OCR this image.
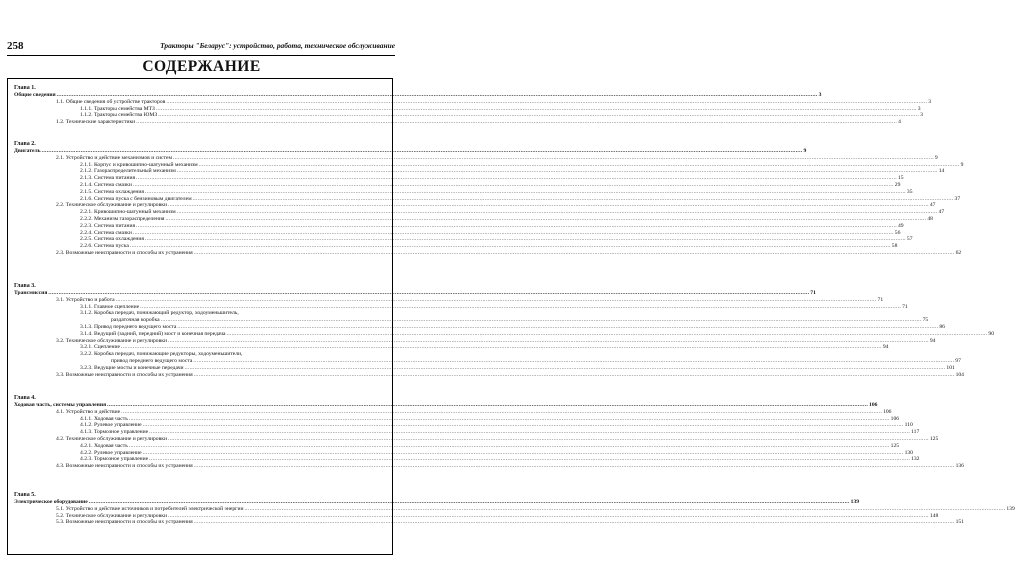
258	Тракторы "Беларус": устройство, работа, техническое обслуживание
СОДЕРЖАНИЕ
Глава 1.
Общие сведения .....	3
1.1. Общие сведения об устройстве тракторов .....	3
1.1.1. Тракторы семейства МТЗ .....	3
1.1.2. Тракторы семейства ЮМЗ .....	3
1.2. Технические характеристики .....	4
Глава 2.
Двигатель .....	9
2.1. Устройство и действие механизмов и систем .....	9
2.1.1. Корпус и кривошипно-шатунный механизм .....	9
2.1.2. Газораспределительный механизм .....	14
2.1.3. Система питания .....	15
2.1.4. Система смазки .....	29
2.1.5. Система охлаждения .....	35
2.1.6. Система пуска с бензиновым двигателем .....	37
2.2. Техническое обслуживание и регулировки .....	47
2.2.1. Кривошипно-шатунный механизм .....	47
2.2.2. Механизм газораспределения .....	48
2.2.3. Система питания .....	49
2.2.4. Система смазки .....	56
2.2.5. Система охлаждения .....	57
2.2.6. Система пуска .....	58
2.3. Возможные неисправности и способы их устранения .....	62
Глава 3.
Трансмиссия .....	71
3.1. Устройство и работа .....	71
3.1.1. Главное сцепление .....	71
3.1.2. Коробка передач, понижающий редуктор, ходоуменьшитель,
раздаточная коробка .....	75
3.1.3. Привод переднего ведущего моста .....	86
3.1.4. Ведущий (задний, передний) мост и конечная передача .....	90
3.2. Техническое обслуживание и регулировки .....	94
3.2.1. Сцепление .....	94
3.2.2. Коробка передач, понижающие редукторы, ходоуменьшители,
привод переднего ведущего моста .....	97
3.2.3. Ведущие мосты и конечные передачи .....	101
3.3. Возможные неисправности и способы их устранения .....	104
Глава 4.
Ходовая часть, системы управления .....	106
4.1. Устройство и действие .....	106
4.1.1. Ходовая часть .....	106
4.1.2. Рулевое управление .....	110
4.1.3. Тормозное управление .....	117
4.2. Техническое обслуживание и регулировки .....	125
4.2.1. Ходовая часть .....	125
4.2.2. Рулевое управление .....	130
4.2.3. Тормозное управление .....	132
4.3. Возможные неисправности и способы их устранения .....	136
Глава 5.
Электрическое оборудование .....	139
5.1. Устройство и действие источников и потребителей электрической энергии .....	139
5.2. Техническое обслуживание и регулировки .....	148
5.3. Возможные неисправности и способы их устранения .....	151
